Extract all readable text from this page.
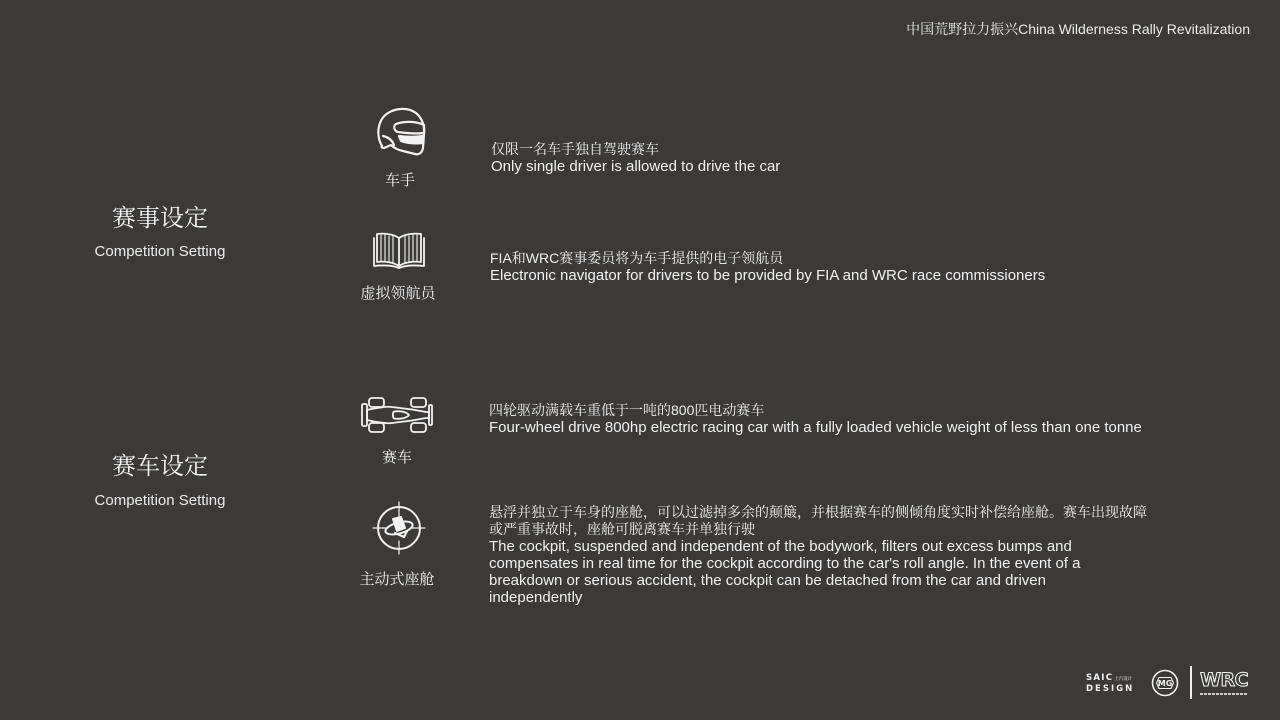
中国荒野拉力振兴China Wilderness Rally Revitalization
赛事设定
Competition Setting
车手
仅限一名车手独自驾驶赛车
Only single driver is allowed to drive the car
虚拟领航员
FIA和WRC赛事委员将为车手提供的电子领航员
Electronic navigator for drivers to be provided by FIA and WRC race commissioners
赛车设定
Competition Setting
赛车
四轮驱动满载车重低于一吨的800匹电动赛车
Four-wheel drive 800hp electric racing car with a fully loaded vehicle weight of less than one tonne
主动式座舱
悬浮并独立于车身的座舱，可以过滤掉多余的颠簸，并根据赛车的侧倾角度实时补偿给座舱。赛车出现故障或严重事故时，座舱可脱离赛车并单独行驶
The cockpit, suspended and independent of the bodywork, filters out excess bumps and compensates in real time for the cockpit according to the car's roll angle. In the event of a breakdown or serious accident, the cockpit can be detached from the car and driven independently
SAIC 上汽设计
DESIGN
MG WRC
